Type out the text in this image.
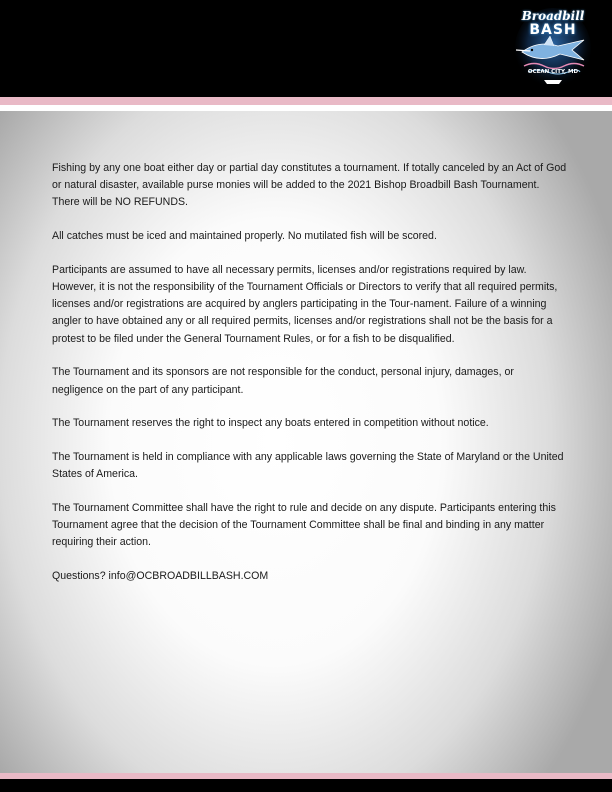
Broadbill
BASH
OCEAN CITY, MD

Fishing by any one boat either day or partial day constitutes a tournament. If totally canceled by an Act of God or natural disaster, available purse monies will be added to the 2021 Bishop Broadbill Bash Tournament. There will be NO REFUNDS.

All catches must be iced and maintained properly. No mutilated fish will be scored.

Participants are assumed to have all necessary permits, licenses and/or registrations required by law. However, it is not the responsibility of the Tournament Officials or Directors to verify that all required permits, licenses and/or registrations are acquired by anglers participating in the Tour-nament. Failure of a winning angler to have obtained any or all required permits, licenses and/or registrations shall not be the basis for a protest to be filed under the General Tournament Rules, or for a fish to be disqualified.

The Tournament and its sponsors are not responsible for the conduct, personal injury, damages, or negligence on the part of any participant.

The Tournament reserves the right to inspect any boats entered in competition without notice.

The Tournament is held in compliance with any applicable laws governing the State of Maryland or the United States of America.

The Tournament Committee shall have the right to rule and decide on any dispute. Participants entering this Tournament agree that the decision of the Tournament Committee shall be final and binding in any matter requiring their action.

Questions? info@OCBROADBILLBASH.COM
